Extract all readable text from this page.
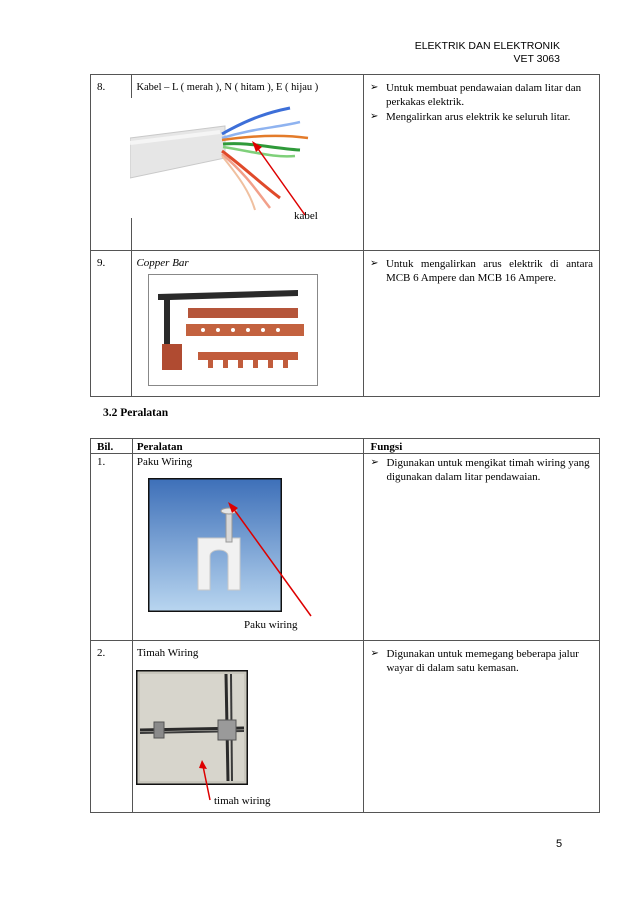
ELEKTRIK DAN ELEKTRONIK
VET 3063
8.	Kabel – L ( merah ), N ( hitam ), E ( hijau )	➢ Untuk membuat pendawaian dalam litar dan perkakas elektrik.
➢ Mengalirkan arus elektrik ke seluruh litar.

9.	Copper Bar	➢ Untuk mengalirkan arus elektrik di antara MCB 6 Ampere dan MCB 16 Ampere.
kabel
3.2 Peralatan
Bil.	Peralatan	Fungsi
1.	Paku Wiring	➢ Digunakan untuk mengikat timah wiring yang digunakan dalam litar pendawaian.

2.	Timah Wiring	➢ Digunakan untuk memegang beberapa jalur wayar di dalam satu kemasan.
Paku wiring
timah wiring
5
